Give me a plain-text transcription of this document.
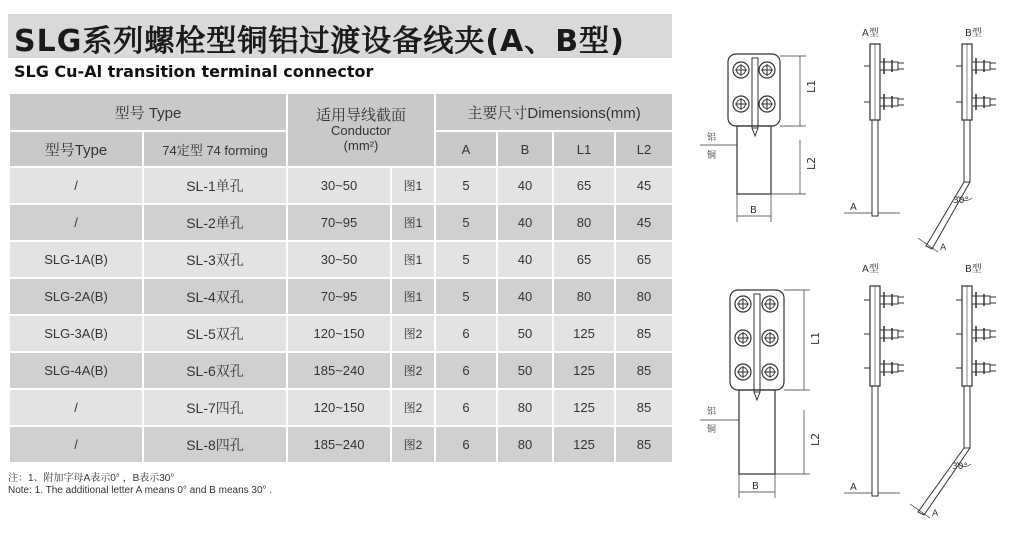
SLG系列螺栓型铜铝过渡设备线夹(A、B型)
SLG Cu-Al transition terminal connector
型号 Type		适用导线截面
Conductor
(mm²)		主要尺寸Dimensions(mm)			
型号Type	74定型 74 forming			A	B	L1	L2
/	SL-1单孔	30~50	图1	5	40	65	45
/	SL-2单孔	70~95	图1	5	40	80	45
SLG-1A(B)	SL-3双孔	30~50	图1	5	40	65	65
SLG-2A(B)	SL-4双孔	70~95	图1	5	40	80	80
SLG-3A(B)	SL-5双孔	120~150	图2	6	50	125	85
SLG-4A(B)	SL-6双孔	185~240	图2	6	50	125	85
/	SL-7四孔	120~150	图2	6	80	125	85
/	SL-8四孔	185~240	图2	6	80	125	85
注：1、附加字母A表示0° ，B表示30°
Note: 1. The additional letter A means 0° and B means 30° .
L1
L2
B
铝
铜
A型
A
B型
30°
A
L1
L2
B
铝
铜
A型
A
B型
30°
A
